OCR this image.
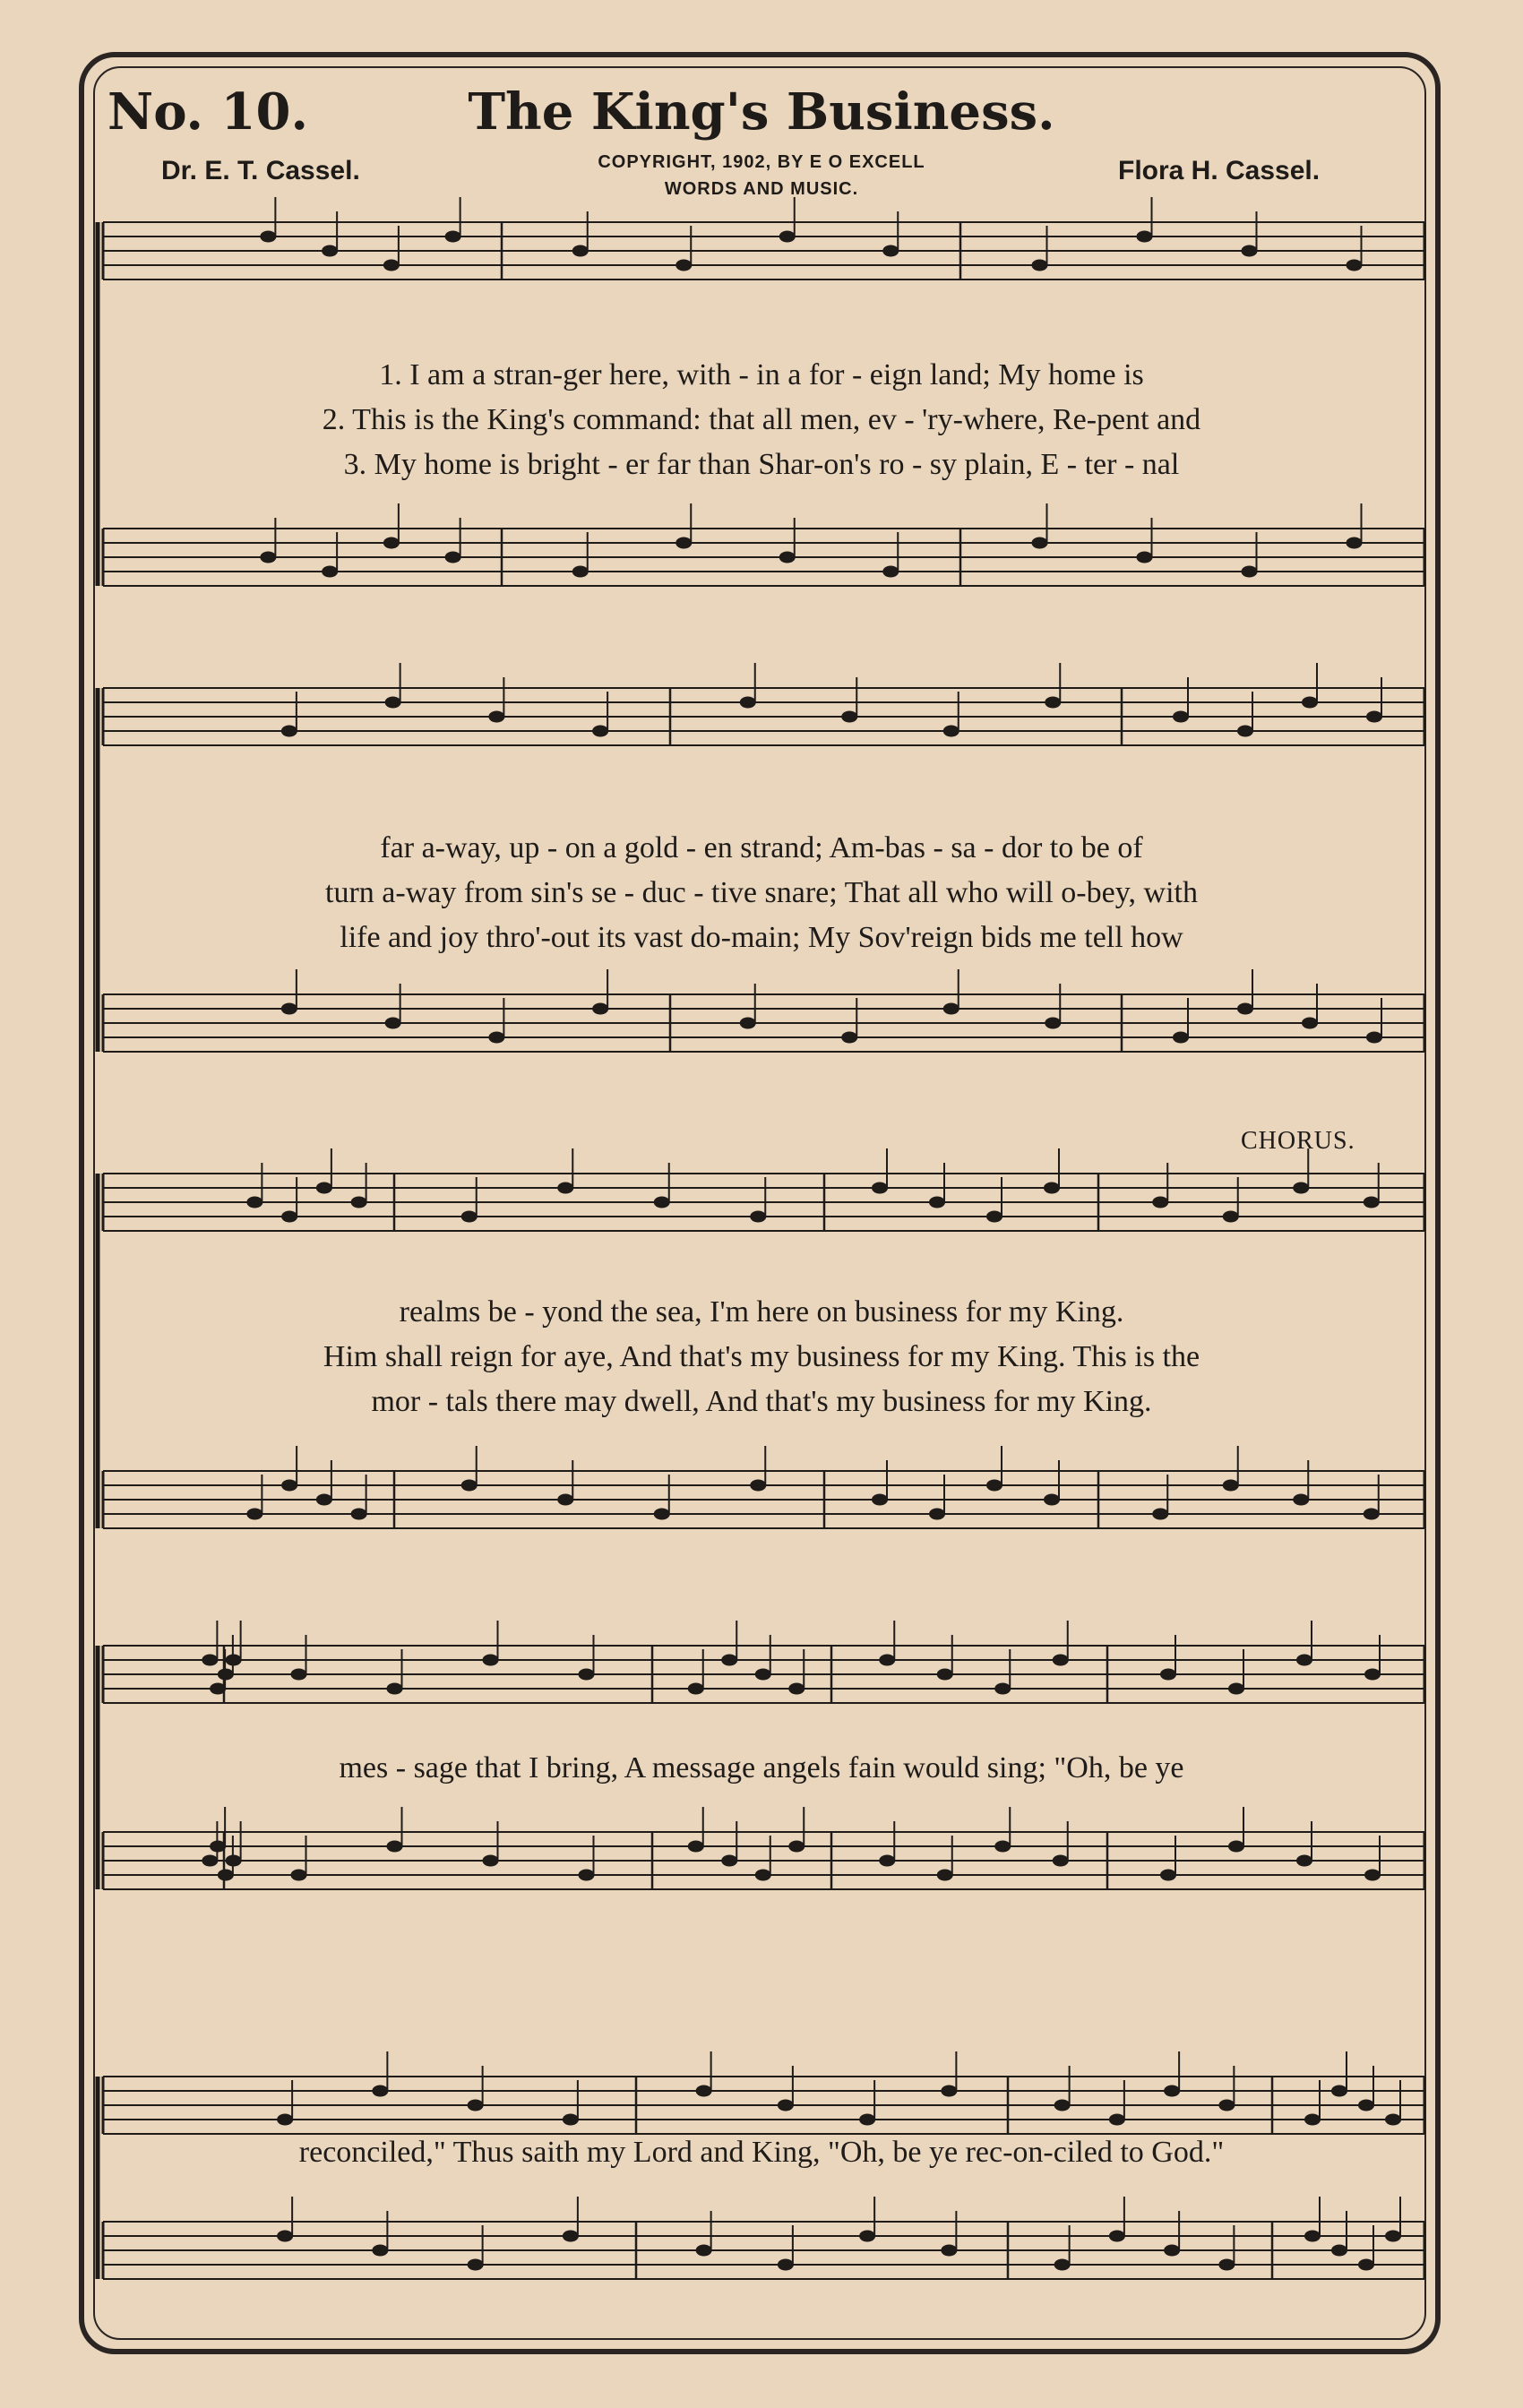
No. 10.	The King's Business.
Dr. E. T. Cassel.	COPYRIGHT, 1902, BY E O EXCELL
WORDS AND MUSIC.
Flora H. Cassel.
CHORUS.
1. I am a stran-ger here, with - in a for - eign land; My home is
2. This is the King's command: that all men, ev - 'ry-where, Re-pent and
3. My home is bright - er far than Shar-on's ro - sy plain, E - ter - nal
far a-way, up - on a gold - en strand; Am-bas - sa - dor to be of
turn a-way from sin's se - duc - tive snare; That all who will o-bey, with
life and joy thro'-out its vast do-main; My Sov'reign bids me tell how
realms be - yond the sea, I'm here on business for my King.
Him shall reign for aye, And that's my business for my King. This is the
mor - tals there may dwell, And that's my business for my King.
mes - sage that I bring, A message angels fain would sing; "Oh, be ye
reconciled," Thus saith my Lord and King, "Oh, be ye rec-on-ciled to God."
